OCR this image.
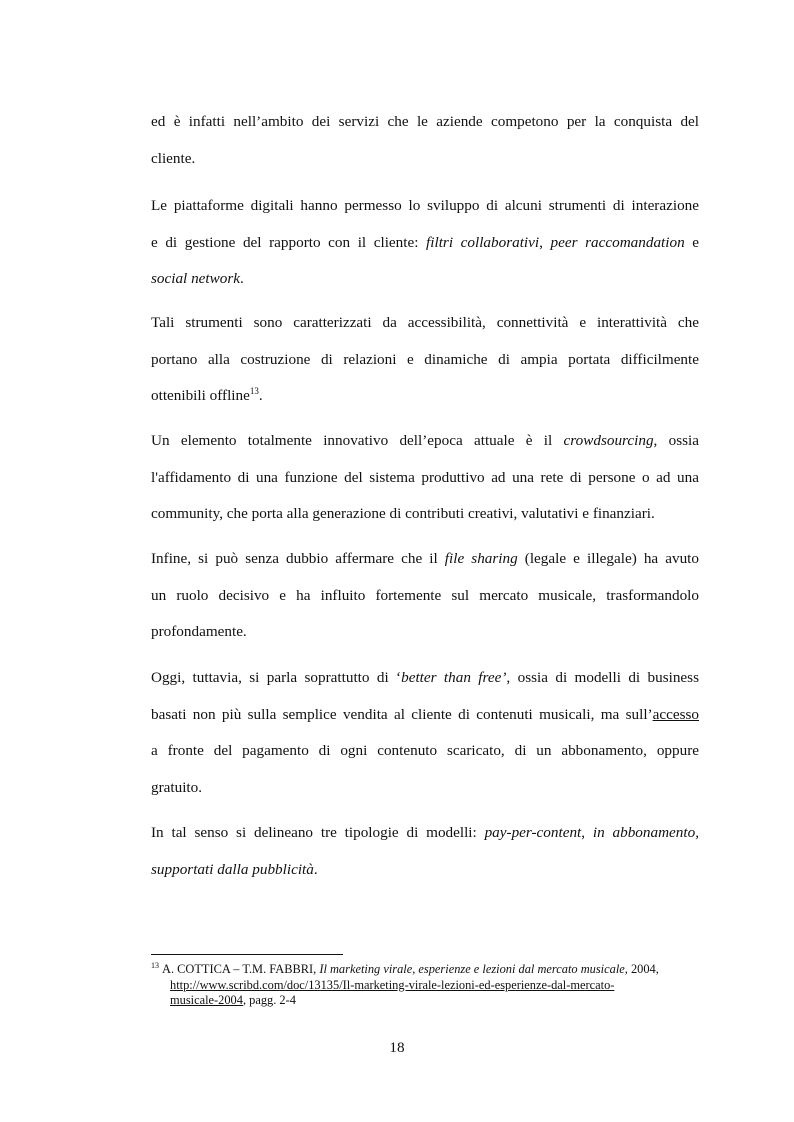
ed è infatti nell’ambito dei servizi che le aziende competono per la conquista del
cliente.

Le piattaforme digitali hanno permesso lo sviluppo di alcuni strumenti di interazione
e di gestione del rapporto con il cliente: filtri collaborativi, peer raccomandation e
social network.

Tali strumenti sono caratterizzati da accessibilità, connettività e interattività che
portano alla costruzione di relazioni e dinamiche di ampia portata difficilmente
ottenibili offline$^{13}$.

Un elemento totalmente innovativo dell’epoca attuale è il crowdsourcing, ossia
l'affidamento di una funzione del sistema produttivo ad una rete di persone o ad una
community, che porta alla generazione di contributi creativi, valutativi e finanziari.

Infine, si può senza dubbio affermare che il file sharing (legale e illegale) ha avuto
un ruolo decisivo e ha influito fortemente sul mercato musicale, trasformandolo
profondamente.

Oggi, tuttavia, si parla soprattutto di ‘better than free’, ossia di modelli di business
basati non più sulla semplice vendita al cliente di contenuti musicali, ma sull’accesso
a fronte del pagamento di ogni contenuto scaricato, di un abbonamento, oppure
gratuito.

In tal senso si delineano tre tipologie di modelli: pay-per-content, in abbonamento,
supportati dalla pubblicità.

$^{13}$ A. COTTICA – T.M. FABBRI, Il marketing virale, esperienze e lezioni dal mercato musicale, 2004,
http://www.scribd.com/doc/13135/Il-marketing-virale-lezioni-ed-esperienze-dal-mercato-
musicale-2004, pagg. 2-4
18
